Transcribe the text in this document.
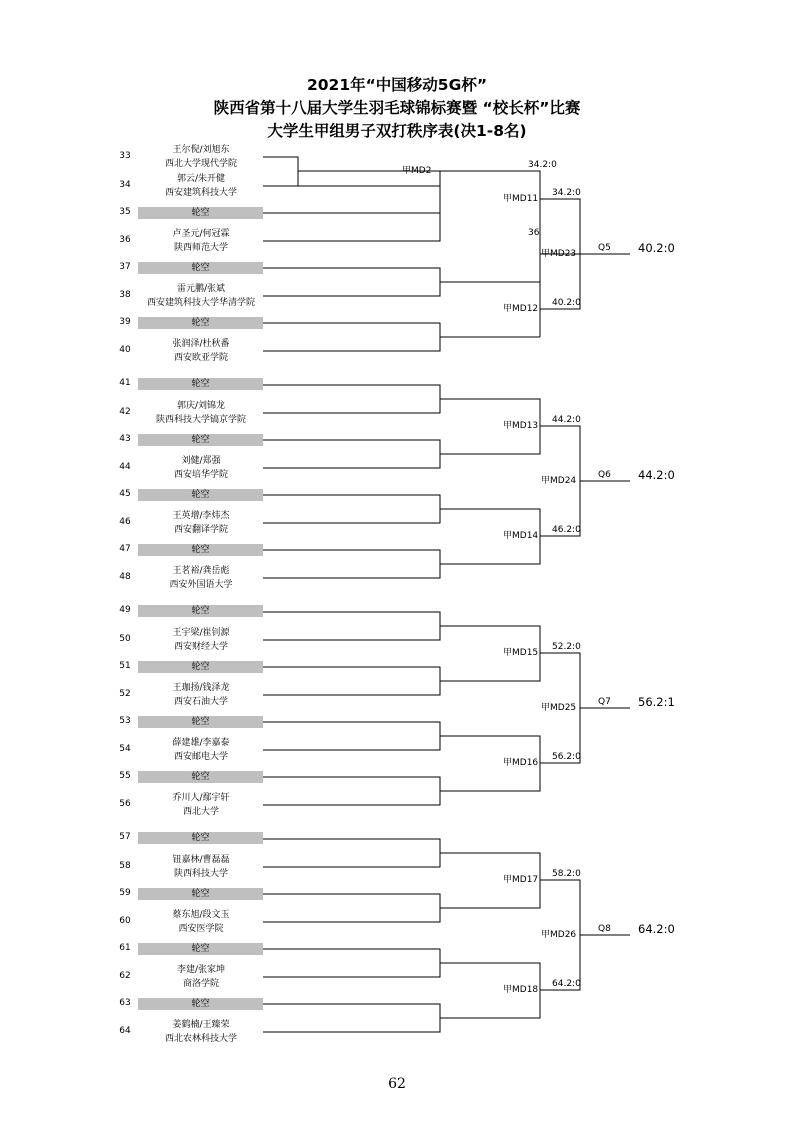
2021年“中国移动5G杯”
陕西省第十八届大学生羽毛球锦标赛暨 “校长杯”比赛
大学生甲组男子双打秩序表(决1-8名)
33
王尔倪/刘旭东
西北大学现代学院
34
郭云/朱开健
西安建筑科技大学
35	轮空
36
卢圣元/何冠霖
陕西师范大学
37	轮空
38
雷元鹏/张斌
西安建筑科技大学华清学院
39	轮空
40
张润泽/杜秋番
西安欧亚学院
41	轮空
42
郭庆/刘锦龙
陕西科技大学镐京学院
43	轮空
44
刘健/郑强
西安培华学院
45	轮空
46
王英增/李炜杰
西安翻译学院
47	轮空
48
王茗裕/龚岳彪
西安外国语大学
49	轮空
50
王宇梁/崔钊源
西安财经大学
51	轮空
52
王珈扬/钱泽龙
西安石油大学
53	轮空
54
薛建雄/李嘉泰
西安邮电大学
55	轮空
56
乔川人/鄢宇轩
西北大学
57	轮空
58
钮嘉林/曹磊磊
陕西科技大学
59	轮空
60
蔡东旭/段文玉
西安医学院
61	轮空
62
李建/张家坤
商洛学院
63	轮空
64
姜鹤楠/王臻荣
西北农林科技大学
甲MD2
甲MD11
甲MD12
甲MD23
甲MD13
甲MD14
甲MD24
甲MD15
甲MD16
甲MD25
甲MD17
甲MD18
甲MD26
34.2:0
36
34.2:0
40.2:0
44.2:0
46.2:0
52.2:0
56.2:0
58.2:0
64.2:0
Q5
Q6
Q7
Q8
40.2:0
44.2:0
56.2:1
64.2:0
62
